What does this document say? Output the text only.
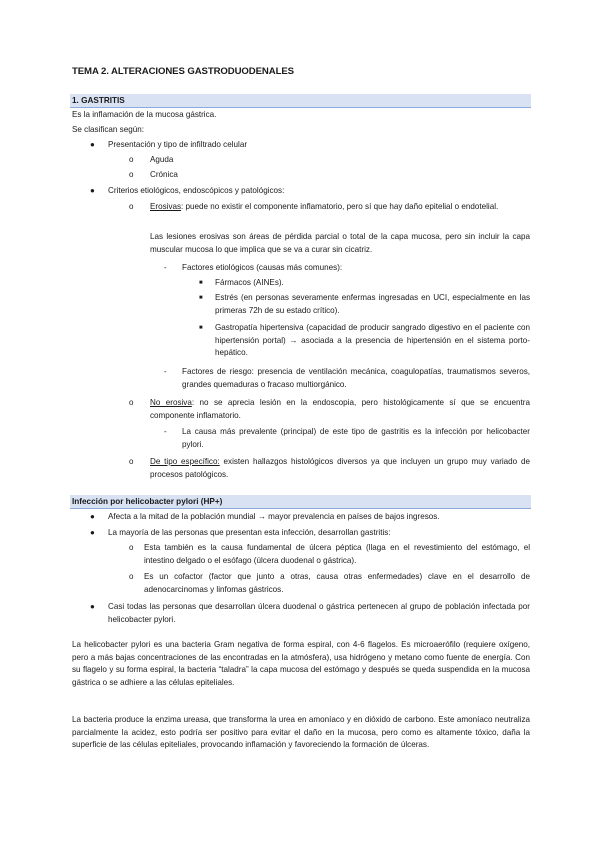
TEMA 2. ALTERACIONES GASTRODUODENALES
1. GASTRITIS
Es la inflamación de la mucosa gástrica.
Se clasifican según:
● Presentación y tipo de infiltrado celular
o Aguda
o Crónica
● Criterios etiológicos, endoscópicos y patológicos:
o Erosivas: puede no existir el componente inflamatorio, pero sí que hay daño epitelial o endotelial.
Las lesiones erosivas son áreas de pérdida parcial o total de la capa mucosa, pero sin incluir la capa muscular mucosa lo que implica que se va a curar sin cicatriz.
- Factores etiológicos (causas más comunes):
■ Fármacos (AINEs).
■ Estrés (en personas severamente enfermas ingresadas en UCI, especialmente en las primeras 72h de su estado crítico).
■ Gastropatía hipertensiva (capacidad de producir sangrado digestivo en el paciente con hipertensión portal) → asociada a la presencia de hipertensión en el sistema porto-hepático.
- Factores de riesgo: presencia de ventilación mecánica, coagulopatías, traumatismos severos, grandes quemaduras o fracaso multiorgánico.
o No erosiva: no se aprecia lesión en la endoscopia, pero histológicamente sí que se encuentra componente inflamatorio.
- La causa más prevalente (principal) de este tipo de gastritis es la infección por helicobacter pylori.
o De tipo específico: existen hallazgos histológicos diversos ya que incluyen un grupo muy variado de procesos patológicos.
Infección por helicobacter pylori (HP+)
● Afecta a la mitad de la población mundial → mayor prevalencia en países de bajos ingresos.
● La mayoría de las personas que presentan esta infección, desarrollan gastritis:
o Esta también es la causa fundamental de úlcera péptica (llaga en el revestimiento del estómago, el intestino delgado o el esófago (úlcera duodenal o gástrica).
o Es un cofactor (factor que junto a otras, causa otras enfermedades) clave en el desarrollo de adenocarcinomas y linfomas gástricos.
● Casi todas las personas que desarrollan úlcera duodenal o gástrica pertenecen al grupo de población infectada por helicobacter pylori.
La helicobacter pylori es una bacteria Gram negativa de forma espiral, con 4-6 flagelos. Es microaerófilo (requiere oxígeno, pero a más bajas concentraciones de las encontradas en la atmósfera), usa hidrógeno y metano como fuente de energía. Con su flagelo y su forma espiral, la bacteria “taladra” la capa mucosa del estómago y después se queda suspendida en la mucosa gástrica o se adhiere a las células epiteliales.
La bacteria produce la enzima ureasa, que transforma la urea en amoníaco y en dióxido de carbono. Este amoníaco neutraliza parcialmente la acidez, esto podría ser positivo para evitar el daño en la mucosa, pero como es altamente tóxico, daña la superficie de las células epiteliales, provocando inflamación y favoreciendo la formación de úlceras.
